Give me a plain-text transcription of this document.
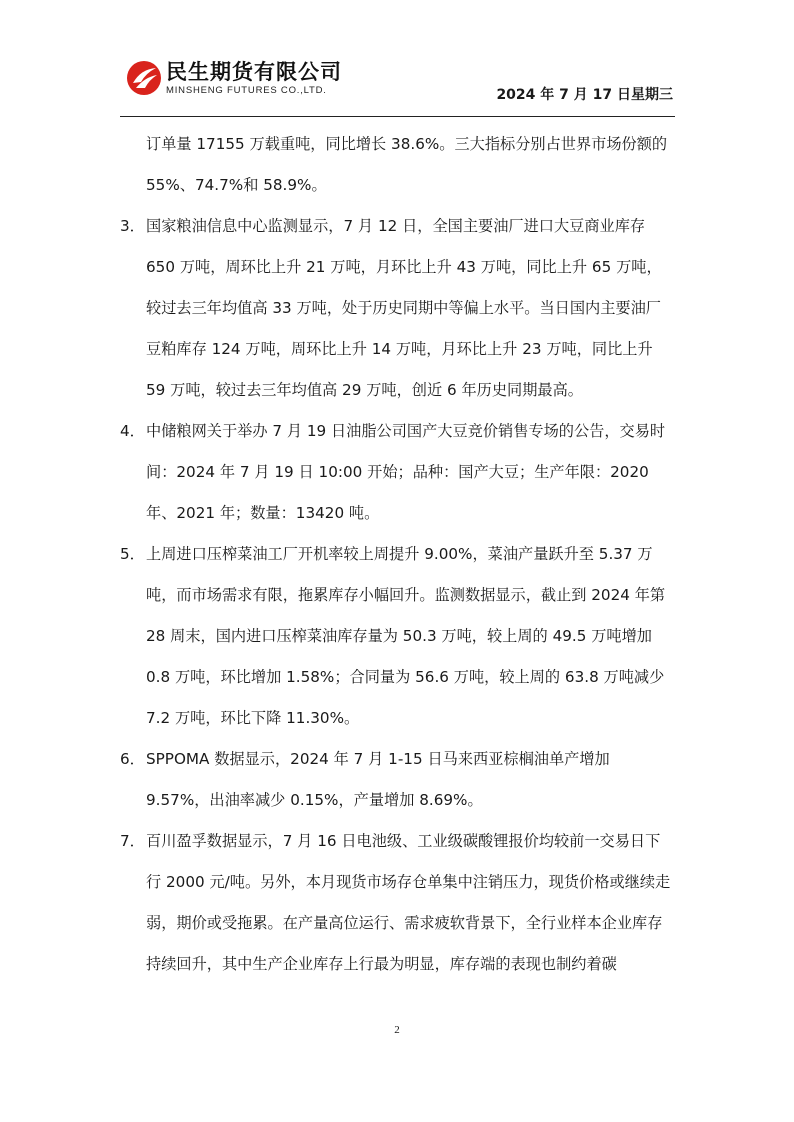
民生期货有限公司
MINSHENG FUTURES CO.,LTD.	2024 年 7 月 17 日星期三

订单量 17155 万载重吨，同比增长 38.6%。三大指标分别占世界市场份额的 55%、74.7%和 58.9%。

3． 国家粮油信息中心监测显示，7 月 12 日，全国主要油厂进口大豆商业库存 650 万吨，周环比上升 21 万吨，月环比上升 43 万吨，同比上升 65 万吨，较过去三年均值高 33 万吨，处于历史同期中等偏上水平。当日国内主要油厂豆粕库存 124 万吨，周环比上升 14 万吨，月环比上升 23 万吨，同比上升 59 万吨，较过去三年均值高 29 万吨，创近 6 年历史同期最高。
4． 中储粮网关于举办 7 月 19 日油脂公司国产大豆竞价销售专场的公告，交易时间：2024 年 7 月 19 日 10:00 开始；品种：国产大豆；生产年限：2020 年、2021 年；数量：13420 吨。
5． 上周进口压榨菜油工厂开机率较上周提升 9.00%，菜油产量跃升至 5.37 万吨，而市场需求有限，拖累库存小幅回升。监测数据显示，截止到 2024 年第 28 周末，国内进口压榨菜油库存量为 50.3 万吨，较上周的 49.5 万吨增加 0.8 万吨，环比增加 1.58%；合同量为 56.6 万吨，较上周的 63.8 万吨减少 7.2 万吨，环比下降 11.30%。
6． SPPOMA 数据显示，2024 年 7 月 1-15 日马来西亚棕榈油单产增加 9.57%，出油率减少 0.15%，产量增加 8.69%。
7． 百川盈孚数据显示，7 月 16 日电池级、工业级碳酸锂报价均较前一交易日下行 2000 元/吨。另外，本月现货市场存仓单集中注销压力，现货价格或继续走弱，期价或受拖累。在产量高位运行、需求疲软背景下，全行业样本企业库存持续回升，其中生产企业库存上行最为明显，库存端的表现也制约着碳
2
